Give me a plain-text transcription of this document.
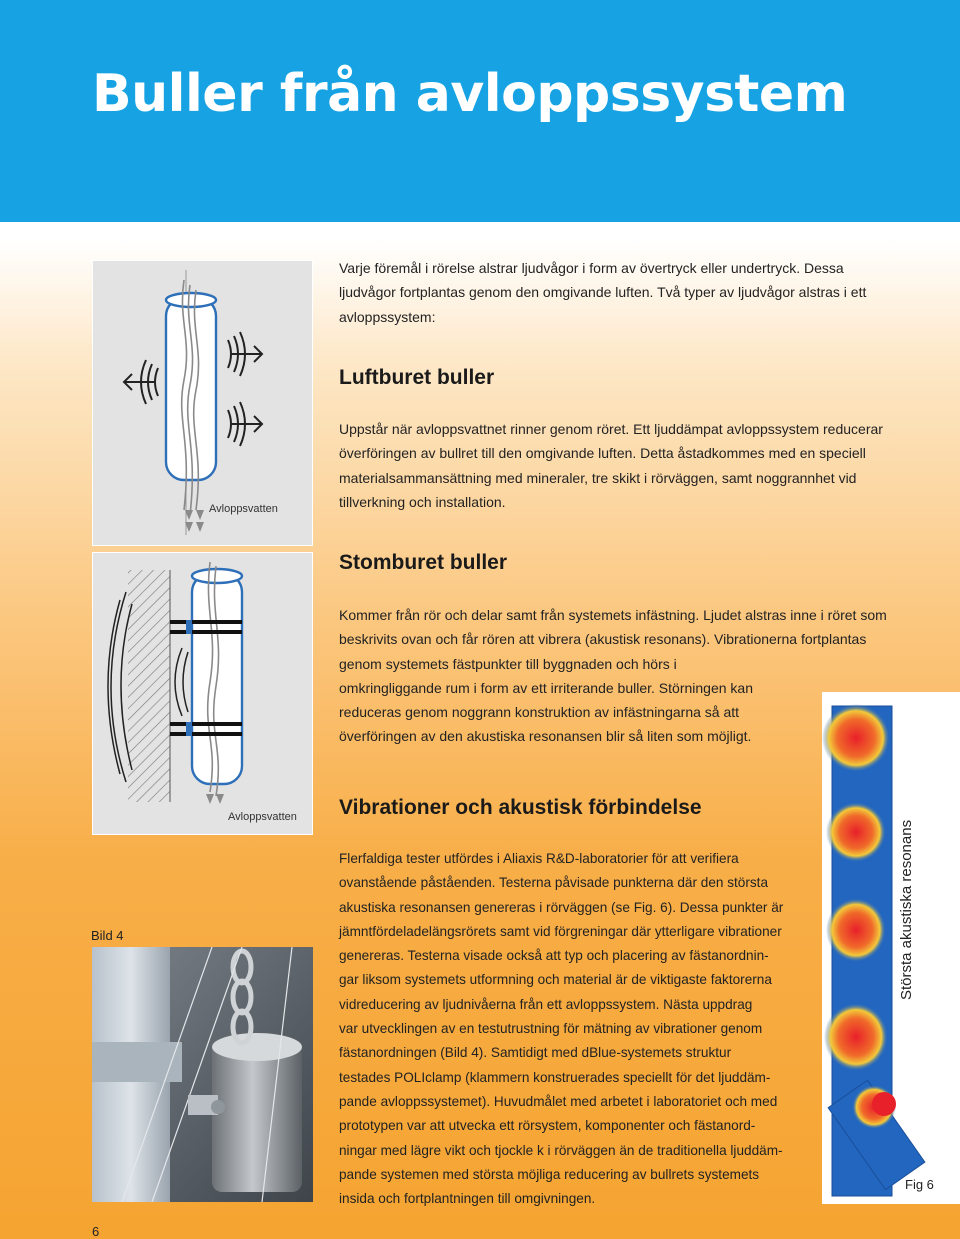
Buller från avloppssystem
Avloppsvatten
Avloppsvatten
Varje föremål i rörelse alstrar ljudvågor i form av övertryck eller undertryck. Dessa
ljudvågor fortplantas genom den omgivande luften. Två typer av ljudvågor alstras i ett
avloppssystem:
Luftburet buller
Uppstår när avloppsvattnet rinner genom röret. Ett ljuddämpat avloppssystem reducerar
överföringen av bullret till den omgivande luften. Detta åstadkommes med en speciell
materialsammansättning med mineraler, tre skikt i rörväggen, samt noggrannhet vid
tillverkning och installation.
Stomburet buller
Kommer från rör och delar samt från systemets infästning. Ljudet alstras inne i röret som
beskrivits ovan och får rören att vibrera (akustisk resonans). Vibrationerna fortplantas
genom systemets fästpunkter till byggnaden och hörs i
omkringliggande rum i form av ett irriterande buller. Störningen kan
reduceras genom noggrann konstruktion av infästningarna så att
överföringen av den akustiska resonansen blir så liten som möjligt.
Vibrationer och akustisk förbindelse
Flerfaldiga tester utfördes i Aliaxis R&D-laboratorier för att verifiera
ovanstående påståenden. Testerna påvisade punkterna där den största
akustiska resonansen genereras i rörväggen (se Fig. 6). Dessa punkter är
jämntfördeladelängsrörets samt vid förgreningar där ytterligare vibrationer
genereras. Testerna visade också att typ och placering av fästanordnin-
gar liksom systemets utformning och material är de viktigaste faktorerna
vidreducering av ljudnivåerna från ett avloppssystem. Nästa uppdrag
var utvecklingen av en testutrustning för mätning av vibrationer genom
fästanordningen (Bild 4). Samtidigt med dBlue-systemets struktur
testades POLIclamp (klammern konstruerades speciellt för det ljuddäm-
pande avloppssystemet). Huvudmålet med arbetet i laboratoriet och med
prototypen var att utvecka ett rörsystem, komponenter och fästanord-
ningar med lägre vikt och tjockle k i rörväggen än de traditionella ljuddäm-
pande systemen med största möjliga reducering av bullrets systemets
insida och fortplantningen till omgivningen.
Bild 4	Största akustiska resonans
Fig 6
6
